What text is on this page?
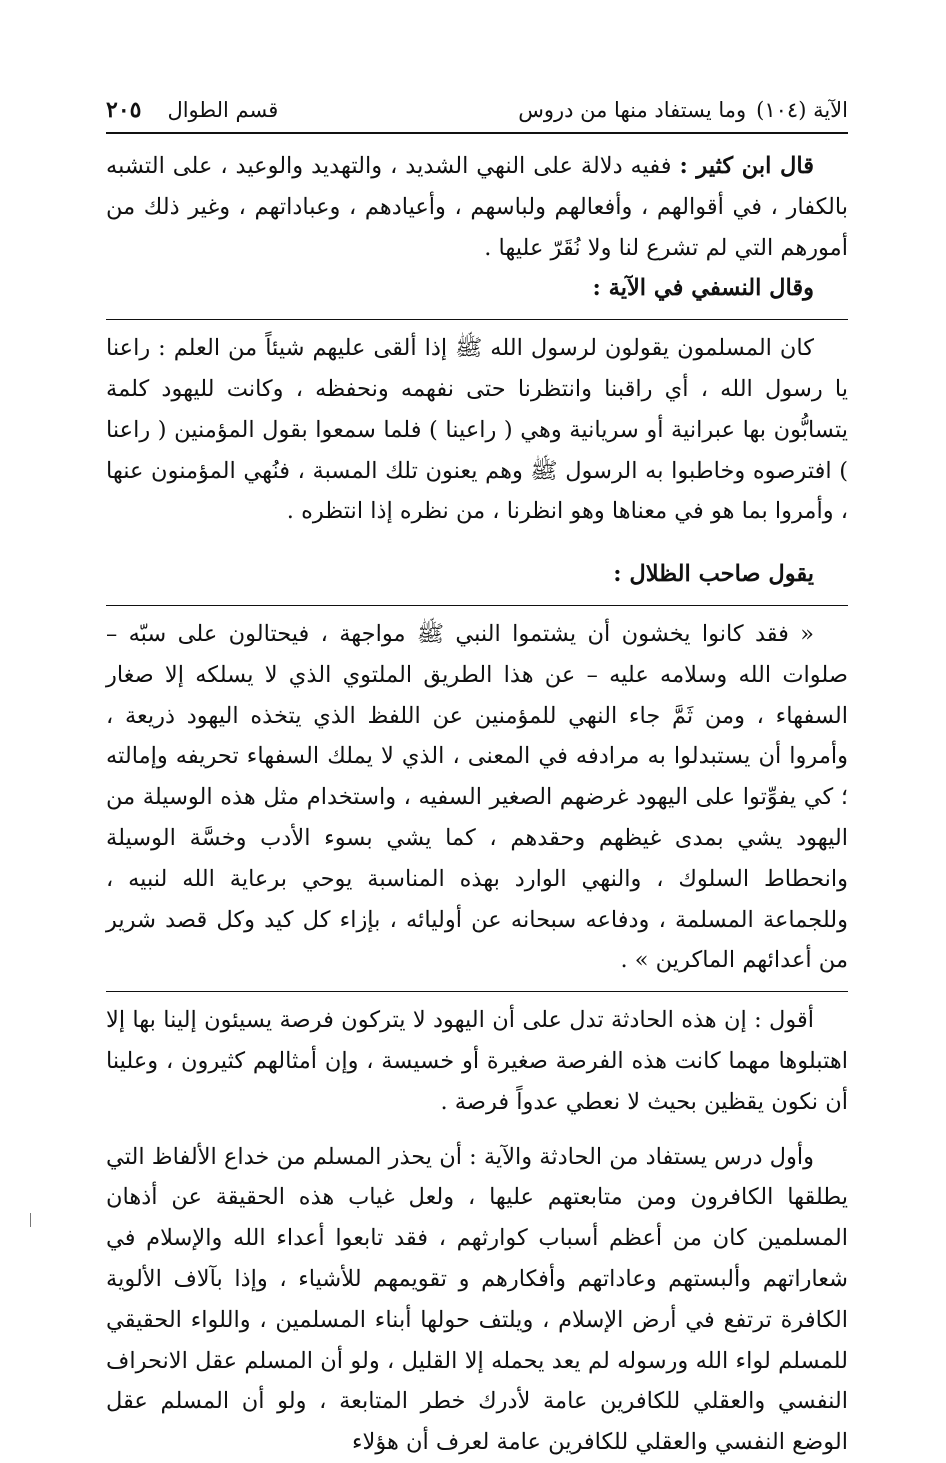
الآية (١٠٤)
وما يستفاد منها من دروس
قسم الطوال
٢٠٥

قال ابن كثير : ففيه دلالة على النهي الشديد ، والتهديد والوعيد ، على التشبه بالكفار ، في أقوالهم ، وأفعالهم ولباسهم ، وأعيادهم ، وعباداتهم ، وغير ذلك من أمورهم التي لم تشرع لنا ولا نُقَرّ عليها .

وقال النسفي في الآية :

كان المسلمون يقولون لرسول الله ﷺ إذا ألقى عليهم شيئاً من العلم : راعنا يا رسول الله ، أي راقبنا وانتظرنا حتى نفهمه ونحفظه ، وكانت لليهود كلمة يتسابُّون بها عبرانية أو سريانية وهي ( راعينا ) فلما سمعوا بقول المؤمنين ( راعنا ) افترصوه وخاطبوا به الرسول ﷺ وهم يعنون تلك المسبة ، فنُهي المؤمنون عنها ، وأمروا بما هو في معناها وهو انظرنا ، من نظره إذا انتظره .

يقول صاحب الظلال :

« فقد كانوا يخشون أن يشتموا النبي ﷺ مواجهة ، فيحتالون على سبّه – صلوات الله وسلامه عليه – عن هذا الطريق الملتوي الذي لا يسلكه إلا صغار السفهاء ، ومن ثَمَّ جاء النهي للمؤمنين عن اللفظ الذي يتخذه اليهود ذريعة ، وأمروا أن يستبدلوا به مرادفه في المعنى ، الذي لا يملك السفهاء تحريفه وإمالته ؛ كي يفوِّتوا على اليهود غرضهم الصغير السفيه ، واستخدام مثل هذه الوسيلة من اليهود يشي بمدى غيظهم وحقدهم ، كما يشي بسوء الأدب وخسَّة الوسيلة وانحطاط السلوك ، والنهي الوارد بهذه المناسبة يوحي برعاية الله لنبيه ، وللجماعة المسلمة ، ودفاعه سبحانه عن أوليائه ، بإزاء كل كيد وكل قصد شرير من أعدائهم الماكرين » .

أقول : إن هذه الحادثة تدل على أن اليهود لا يتركون فرصة يسيئون إلينا بها إلا اهتبلوها مهما كانت هذه الفرصة صغيرة أو خسيسة ، وإن أمثالهم كثيرون ، وعلينا أن نكون يقظين بحيث لا نعطي عدواً فرصة .

وأول درس يستفاد من الحادثة والآية : أن يحذر المسلم من خداع الألفاظ التي يطلقها الكافرون ومن متابعتهم عليها ، ولعل غياب هذه الحقيقة عن أذهان المسلمين كان من أعظم أسباب كوارثهم ، فقد تابعوا أعداء الله والإسلام في شعاراتهم وألبستهم وعاداتهم وأفكارهم و تقويمهم للأشياء ، وإذا بآلاف الألوية الكافرة ترتفع في أرض الإسلام ، ويلتف حولها أبناء المسلمين ، واللواء الحقيقي للمسلم لواء الله ورسوله لم يعد يحمله إلا القليل ، ولو أن المسلم عقل الانحراف النفسي والعقلي للكافرين عامة لأدرك خطر المتابعة ، ولو أن المسلم عقل الوضع النفسي والعقلي للكافرين عامة لعرف أن هؤلاء
